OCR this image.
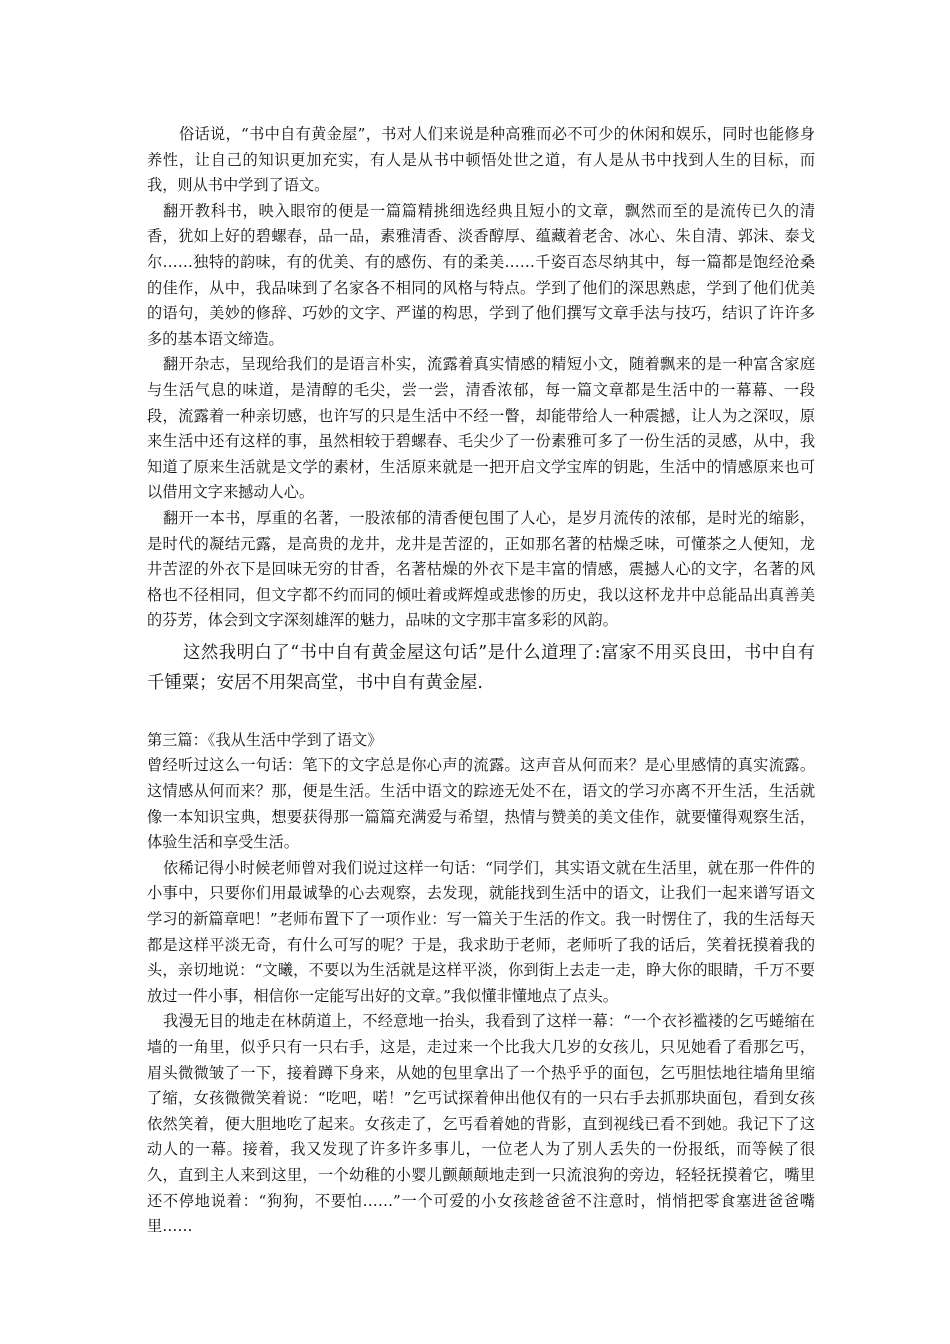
俗话说，“书中自有黄金屋”，书对人们来说是种高雅而必不可少的休闲和娱乐，同时也能修身养性，让自己的知识更加充实，有人是从书中顿悟处世之道，有人是从书中找到人生的目标，而我，则从书中学到了语文。

翻开教科书，映入眼帘的便是一篇篇精挑细选经典且短小的文章，飘然而至的是流传已久的清香，犹如上好的碧螺春，品一品，素雅清香、淡香醇厚、蕴藏着老舍、冰心、朱自清、郭沫、泰戈尔……独特的韵味，有的优美、有的感伤、有的柔美……千姿百态尽纳其中，每一篇都是饱经沧桑的佳作，从中，我品味到了名家各不相同的风格与特点。学到了他们的深思熟虑，学到了他们优美的语句，美妙的修辞、巧妙的文字、严谨的构思，学到了他们撰写文章手法与技巧，结识了许许多多的基本语文缔造。

翻开杂志，呈现给我们的是语言朴实，流露着真实情感的精短小文，随着飘来的是一种富含家庭与生活气息的味道，是清醇的毛尖，尝一尝，清香浓郁，每一篇文章都是生活中的一幕幕、一段段，流露着一种亲切感，也许写的只是生活中不经一瞥，却能带给人一种震撼，让人为之深叹，原来生活中还有这样的事，虽然相较于碧螺春、毛尖少了一份素雅可多了一份生活的灵感，从中，我知道了原来生活就是文学的素材，生活原来就是一把开启文学宝库的钥匙，生活中的情感原来也可以借用文字来撼动人心。

翻开一本书，厚重的名著，一股浓郁的清香便包围了人心，是岁月流传的浓郁，是时光的缩影，是时代的凝结元露，是高贵的龙井，龙井是苦涩的，正如那名著的枯燥乏味，可懂茶之人便知，龙井苦涩的外衣下是回味无穷的甘香，名著枯燥的外衣下是丰富的情感，震撼人心的文字，名著的风格也不径相同，但文字都不约而同的倾吐着或辉煌或悲惨的历史，我以这杯龙井中总能品出真善美的芬芳，体会到文字深刻雄浑的魅力，品味的文字那丰富多彩的风韵。

这然我明白了“书中自有黄金屋这句话”是什么道理了:富家不用买良田，书中自有千锺粟；安居不用架高堂，书中自有黄金屋.

第三篇：《我从生活中学到了语文》

曾经听过这么一句话：笔下的文字总是你心声的流露。这声音从何而来？是心里感情的真实流露。这情感从何而来？那，便是生活。生活中语文的踪迹无处不在，语文的学习亦离不开生活，生活就像一本知识宝典，想要获得那一篇篇充满爱与希望，热情与赞美的美文佳作，就要懂得观察生活，体验生活和享受生活。

依稀记得小时候老师曾对我们说过这样一句话：“同学们，其实语文就在生活里，就在那一件件的小事中，只要你们用最诚挚的心去观察，去发现，就能找到生活中的语文，让我们一起来谱写语文学习的新篇章吧！”老师布置下了一项作业：写一篇关于生活的作文。我一时愣住了，我的生活每天都是这样平淡无奇，有什么可写的呢？于是，我求助于老师，老师听了我的话后，笑着抚摸着我的头，亲切地说：“文曦，不要以为生活就是这样平淡，你到街上去走一走，睁大你的眼睛，千万不要放过一件小事，相信你一定能写出好的文章。”我似懂非懂地点了点头。

我漫无目的地走在林荫道上，不经意地一抬头，我看到了这样一幕：“一个衣衫褴褛的乞丐蜷缩在墙的一角里，似乎只有一只右手，这是，走过来一个比我大几岁的女孩儿，只见她看了看那乞丐，眉头微微皱了一下，接着蹲下身来，从她的包里拿出了一个热乎乎的面包，乞丐胆怯地往墙角里缩了缩，女孩微微笑着说：“吃吧，喏！”乞丐试探着伸出他仅有的一只右手去抓那块面包，看到女孩依然笑着，便大胆地吃了起来。女孩走了，乞丐看着她的背影，直到视线已看不到她。我记下了这动人的一幕。接着，我又发现了许多许多事儿，一位老人为了别人丢失的一份报纸，而等候了很久，直到主人来到这里，一个幼稚的小婴儿颤颠颠地走到一只流浪狗的旁边，轻轻抚摸着它，嘴里还不停地说着：“狗狗，不要怕……”一个可爱的小女孩趁爸爸不注意时，悄悄把零食塞进爸爸嘴里……
